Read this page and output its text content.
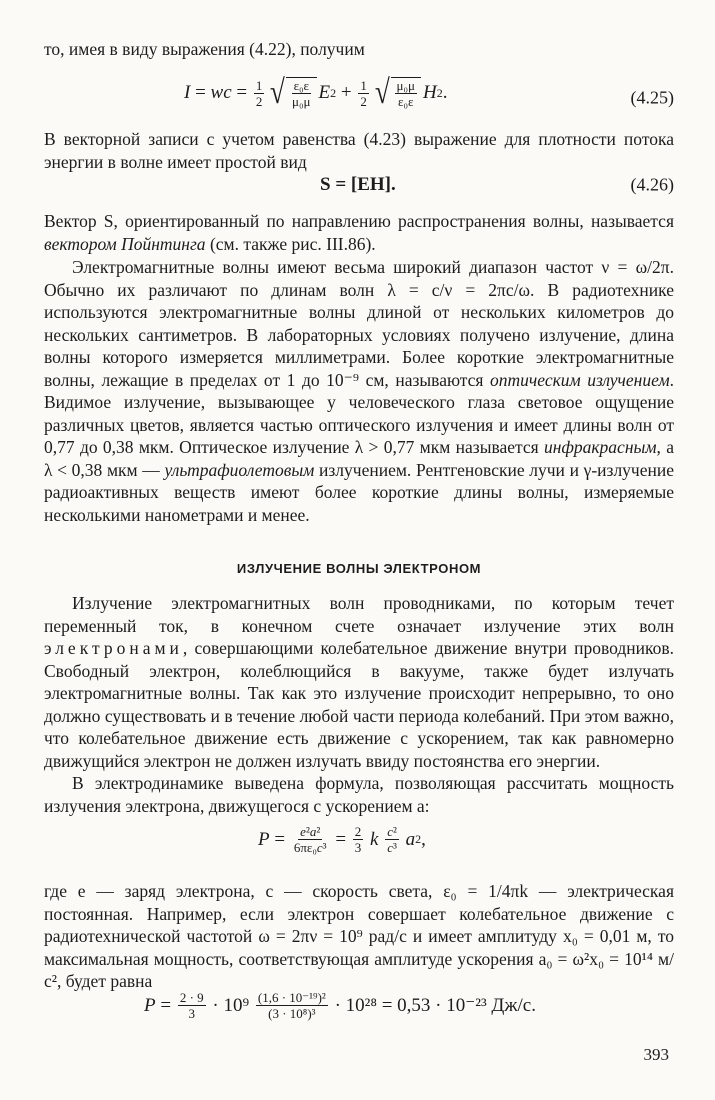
то, имея в виду выражения (4.22), получим

I = wc = $\frac{1}{2}$ √ $\frac{\text{ε₀ε}}{\text{μ₀μ}}$ E $2 + \frac{1}{2}$ √ $\frac{\text{μ₀μ}}{\text{ε₀ε}}$ H 2 .	(4.25)

В векторной записи с учетом равенства (4.23) выражение для плотности потока энергии в волне имеет простой вид

S = [EH].	(4.26)

Вектор S, ориентированный по направлению распространения волны, называется вектором Пойнтинга (см. также рис. III.86).

Электромагнитные волны имеют весьма широкий диапазон частот ν = ω/2π. Обычно их различают по длинам волн λ = c/ν = 2πc/ω. В радиотехнике используются электромагнитные волны длиной от нескольких километров до нескольких сантиметров. В лабораторных условиях получено излучение, длина волны которого измеряется миллиметрами. Более короткие электромагнитные волны, лежащие в пределах от 1 до 10⁻⁹ см, называются оптическим излучением. Видимое излучение, вызывающее у человеческого глаза световое ощущение различных цветов, является частью оптического излучения и имеет длины волн от 0,77 до 0,38 мкм. Оптическое излучение λ > 0,77 мкм называется инфракрасным, а λ < 0,38 мкм — ультрафиолетовым излучением. Рентгеновские лучи и γ-излучение радиоактивных веществ имеют более короткие длины волны, измеряемые несколькими нанометрами и менее.

ИЗЛУЧЕНИЕ ВОЛНЫ ЭЛЕКТРОНОМ

Излучение электромагнитных волн проводниками, по которым течет переменный ток, в конечном счете означает излучение этих волн электронами, совершающими колебательное движение внутри проводников. Свободный электрон, колеблющийся в вакууме, также будет излучать электромагнитные волны. Так как это излучение происходит непрерывно, то оно должно существовать и в течение любой части периода колебаний. При этом важно, что колебательное движение есть движение с ускорением, так как равномерно движущийся электрон не должен излучать ввиду постоянства его энергии.

В электродинамике выведена формула, позволяющая рассчитать мощность излучения электрона, движущегося с ускорением a:

$P = \frac{\text{e²a²}}{\text{6πε₀c³}} = \frac{2}{3}$
k
$\frac{\text{c²}}{\text{c³}}$
a 2 ,

где e — заряд электрона, c — скорость света, ε₀ = 1/4πk — электрическая постоянная. Например, если электрон совершает колебательное движение с радиотехнической частотой ω = 2πν = 10⁹ рад/с и имеет амплитуду x₀ = 0,01 м, то максимальная мощность, соответствующая амплитуде ускорения a₀ = ω²x₀ = 10¹⁴ м/с², будет равна

$P = \frac{2 \cdot 9}{3} \cdot 10^9 \frac{\text{(1,6 · 10⁻¹⁹)²}}{\text{(3 · 10⁸)³}} \cdot 10^{28} = 0,53 \cdot 10^{-23}$ Дж/с.
393
